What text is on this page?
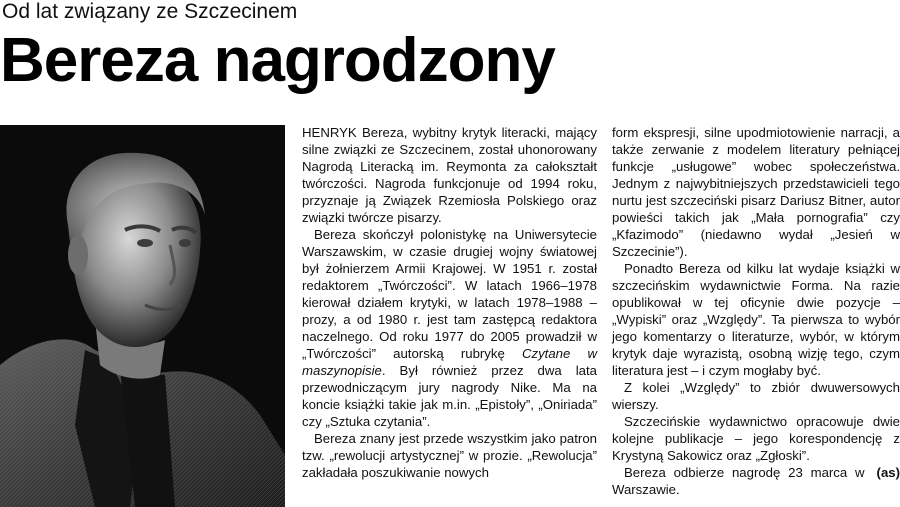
Od lat związany ze Szczecinem
Bereza nagrodzony

HENRYK Bereza, wybitny krytyk literacki, mający silne związki ze Szczecinem, został uhonorowany Nagrodą Literacką im. Reymonta za całokształt twórczości. Nagroda funkcjonuje od 1994 roku, przyznaje ją Związek Rzemiosła Polskiego oraz związki twórcze pisarzy.

Bereza skończył polonistykę na Uniwersytecie Warszawskim, w czasie drugiej wojny światowej był żołnierzem Armii Krajowej. W 1951 r. został redaktorem „Twórczości”. W latach 1966–1978 kierował działem krytyki, w latach 1978–1988 – prozy, a od 1980 r. jest tam zastępcą redaktora naczelnego. Od roku 1977 do 2005 prowadził w „Twórczości” autorską rubrykę Czytane w maszynopisie. Był również przez dwa lata przewodniczącym jury nagrody Nike. Ma na koncie książki takie jak m.in. „Epistoły”, „Oniriada” czy „Sztuka czytania”.

Bereza znany jest przede wszystkim jako patron tzw. „rewolucji artystycznej” w prozie. „Rewolucja” zakładała poszukiwanie nowych

form ekspresji, silne upodmiotowienie narracji, a także zerwanie z modelem literatury pełniącej funkcje „usługowe” wobec społeczeństwa. Jednym z najwybitniejszych przedstawicieli tego nurtu jest szczeciński pisarz Dariusz Bitner, autor powieści takich jak „Mała pornografia” czy „Kfazimodo” (niedawno wydał „Jesień w Szczecinie”).

Ponadto Bereza od kilku lat wydaje książki w szczecińskim wydawnictwie Forma. Na razie opublikował w tej oficynie dwie pozycje – „Wypiski” oraz „Względy”. Ta pierwsza to wybór jego komentarzy o literaturze, wybór, w którym krytyk daje wyrazistą, osobną wizję tego, czym literatura jest – i czym mogłaby być.

Z kolei „Względy” to zbiór dwuwersowych wierszy.

Szczecińskie wydawnictwo opracowuje dwie kolejne publikacje – jego korespondencję z Krystyną Sakowicz oraz „Zgłoski”.

(as)
Bereza odbierze nagrodę 23 marca w Warszawie.
